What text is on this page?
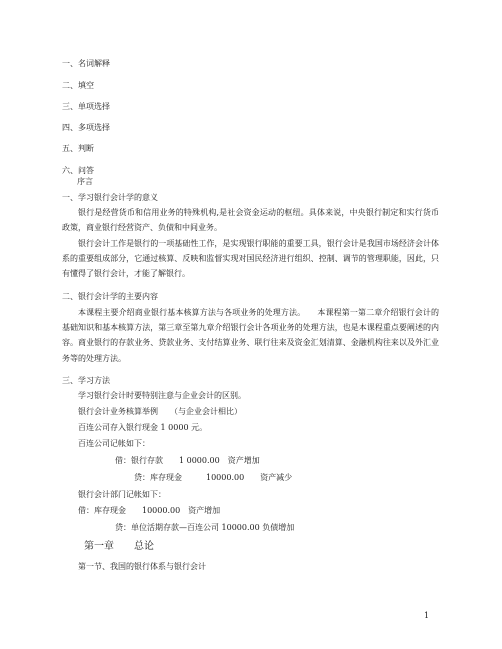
一、名词解释
二、填空
三、单项选择
四、多项选择
五、判断
六、问答
序言
一、学习银行会计学的意义
银行是经营货币和信用业务的特殊机构,是社会资金运动的枢纽。具体来说，中央银行制定和实行货币政策，商业银行经营资产、负债和中间业务。
银行会计工作是银行的一项基础性工作，是实现银行职能的重要工具，银行会计是我国市场经济会计体系的重要组成部分，它通过核算、反映和监督实现对国民经济进行组织、控制、调节的管理职能，因此，只有懂得了银行会计，才能了解银行。
二、银行会计学的主要内容
本课程主要介绍商业银行基本核算方法与各项业务的处理方法。　　本课程第一第二章介绍银行会计的基础知识和基本核算方法，第三章至第九章介绍银行会计各项业务的处理方法，也是本课程重点要阐述的内容。商业银行的存款业务、贷款业务、支付结算业务、联行往来及资金汇划清算、金融机构往来以及外汇业务等的处理方法。
三、学习方法
学习银行会计时要特别注意与企业会计的区别。
银行会计业务核算举例　　（与企业会计相比）
百连公司存入银行现金 1 0000 元。
百连公司记帐如下：
借：银行存款　　1 0000.00　资产增加
贷：库存现金　　　10000.00　　资产减少
银行会计部门记帐如下：
借：库存现金　　10000.00　资产增加
贷：单位活期存款—百连公司 10000.00 负债增加
第一章　　总论
第一节、我国的银行体系与银行会计
1
